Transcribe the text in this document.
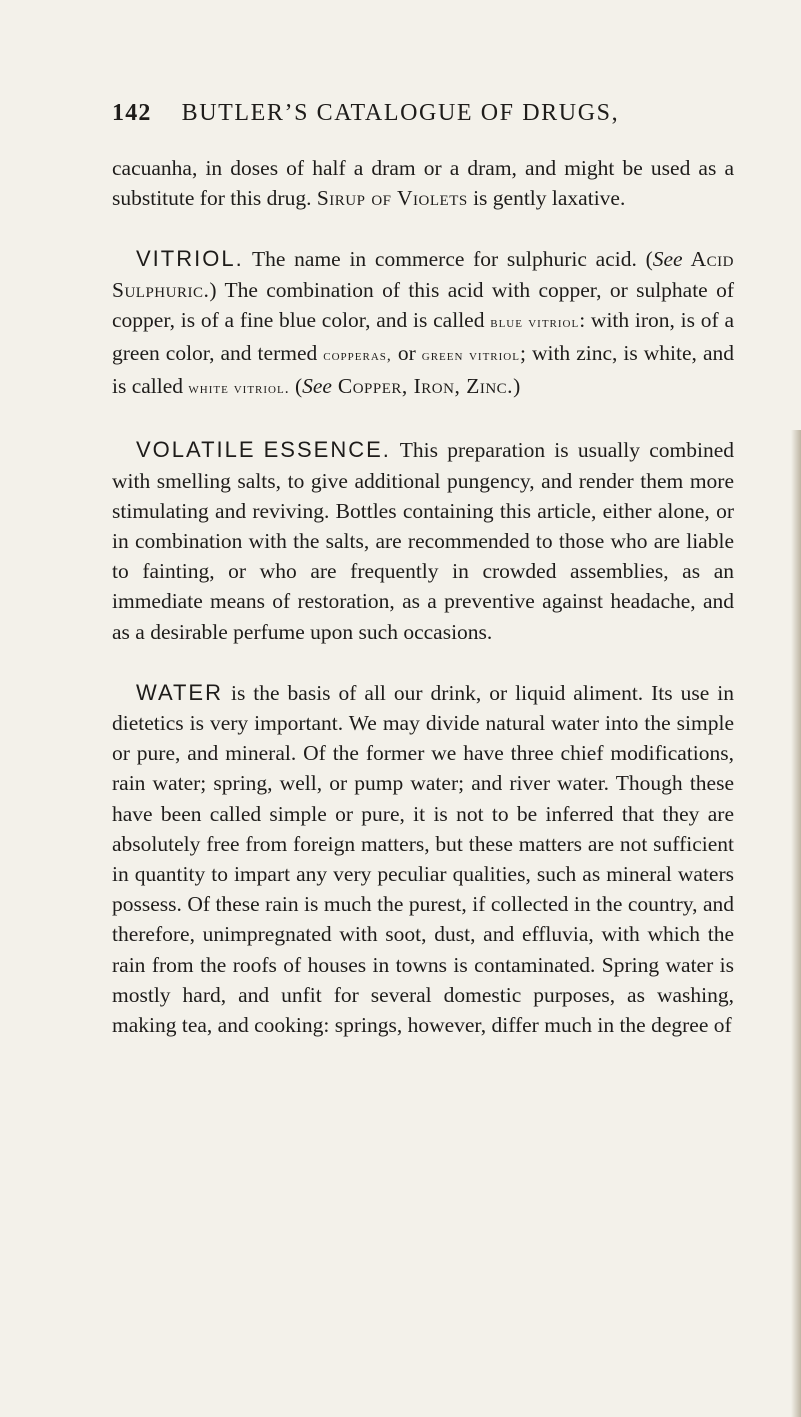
142 BUTLER’S CATALOGUE OF DRUGS,

cacuanha, in doses of half a dram or a dram, and might be used as a substitute for this drug. Sirup of Violets is gently laxative.

VITRIOL. The name in commerce for sulphuric acid. (See Acid Sulphuric.) The combination of this acid with copper, or sulphate of copper, is of a fine blue color, and is called blue vitriol: with iron, is of a green color, and termed copperas, or green vitriol; with zinc, is white, and is called white vitriol. (See Copper, Iron, Zinc.)

VOLATILE ESSENCE. This preparation is usually combined with smelling salts, to give additional pungency, and render them more stimulating and reviving. Bottles containing this article, either alone, or in combination with the salts, are recommended to those who are liable to fainting, or who are frequently in crowded assemblies, as an immediate means of restoration, as a preventive against headache, and as a desirable perfume upon such occasions.

WATER is the basis of all our drink, or liquid aliment. Its use in dietetics is very important. We may divide natural water into the simple or pure, and mineral. Of the former we have three chief modifications, rain water; spring, well, or pump water; and river water. Though these have been called simple or pure, it is not to be inferred that they are absolutely free from foreign matters, but these matters are not sufficient in quantity to impart any very peculiar qualities, such as mineral waters possess. Of these rain is much the purest, if collected in the country, and therefore, unimpregnated with soot, dust, and effluvia, with which the rain from the roofs of houses in towns is contaminated. Spring water is mostly hard, and unfit for several domestic purposes, as washing, making tea, and cooking: springs, however, differ much in the degree of
